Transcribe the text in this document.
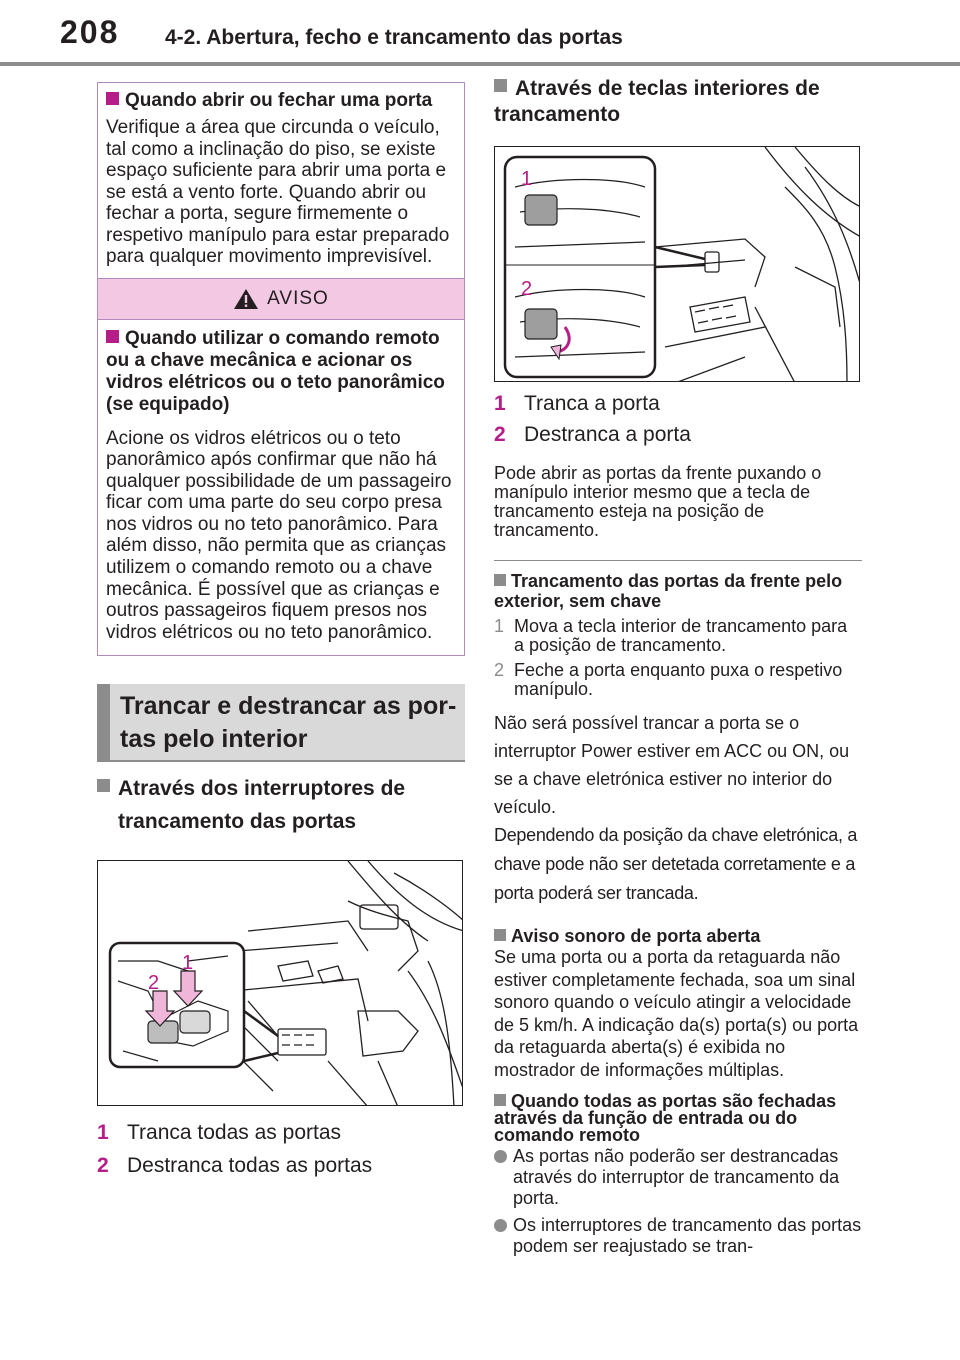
208 4-2. Abertura, fecho e trancamento das portas
Quando abrir ou fechar uma porta
Verifique a área que circunda o veículo, tal como a inclinação do piso, se existe espaço suficiente para abrir uma porta e se está a vento forte. Quando abrir ou fechar a porta, segure firmemente o respetivo manípulo para estar preparado para qualquer movimento imprevisível.
AVISO
Quando utilizar o comando remoto ou a chave mecânica e acionar os vidros elétricos ou o teto panorâmico (se equipado)
Acione os vidros elétricos ou o teto panorâmico após confirmar que não há qualquer possibilidade de um passageiro ficar com uma parte do seu corpo presa nos vidros ou no teto panorâmico. Para além disso, não permita que as crianças utilizem o comando remoto ou a chave mecânica. É possível que as crianças e outros passageiros fiquem presos nos vidros elétricos ou no teto panorâmico.
Trancar e destrancar as por-
tas pelo interior
Através dos interruptores de
trancamento das portas
1
2
1 Tranca todas as portas
2 Destranca todas as portas
Através de teclas interiores de trancamento
1
2
1 Tranca a porta
2 Destranca a porta
Pode abrir as portas da frente puxando o manípulo interior mesmo que a tecla de trancamento esteja na posição de trancamento.
Trancamento das portas da frente pelo exterior, sem chave
1 Mova a tecla interior de trancamento para a posição de trancamento.
2 Feche a porta enquanto puxa o respetivo manípulo.
Não será possível trancar a porta se o interruptor Power estiver em ACC ou ON, ou se a chave eletrónica estiver no interior do veículo.
Dependendo da posição da chave eletrónica, a chave pode não ser detetada corretamente e a porta poderá ser trancada.
Aviso sonoro de porta aberta
Se uma porta ou a porta da retaguarda não estiver completamente fechada, soa um sinal sonoro quando o veículo atingir a velocidade de 5 km/h. A indicação da(s) porta(s) ou porta da retaguarda aberta(s) é exibida no mostrador de informações múltiplas.
Quando todas as portas são fechadas através da função de entrada ou do comando remoto
As portas não poderão ser destrancadas através do interruptor de trancamento da porta.
Os interruptores de trancamento das portas podem ser reajustado se tran-
